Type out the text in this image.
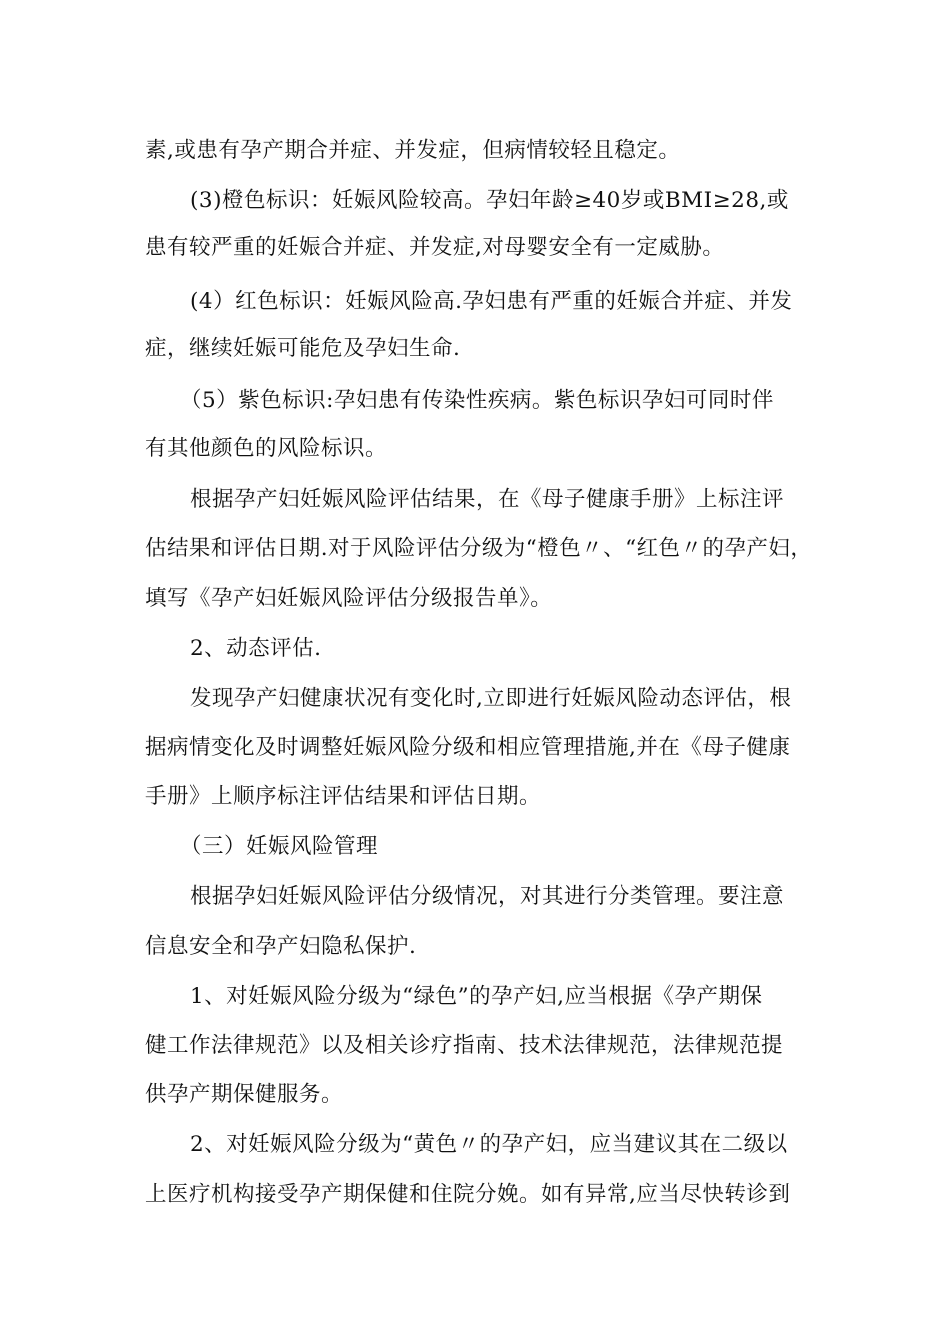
素,或患有孕产期合并症、并发症，但病情较轻且稳定。
(3)橙色标识：妊娠风险较高。孕妇年龄≥40岁或BMI≥28,或
患有较严重的妊娠合并症、并发症,对母婴安全有一定威胁。
(4）红色标识：妊娠风险高.孕妇患有严重的妊娠合并症、并发
症，继续妊娠可能危及孕妇生命.
（5）紫色标识:孕妇患有传染性疾病。紫色标识孕妇可同时伴
有其他颜色的风险标识。
根据孕产妇妊娠风险评估结果，在《母子健康手册》上标注评
估结果和评估日期.对于风险评估分级为“橙色〃、“红色〃的孕产妇，
填写《孕产妇妊娠风险评估分级报告单》。
2、动态评估.
发现孕产妇健康状况有变化时,立即进行妊娠风险动态评估，根
据病情变化及时调整妊娠风险分级和相应管理措施,并在《母子健康
手册》上顺序标注评估结果和评估日期。
（三）妊娠风险管理
根据孕妇妊娠风险评估分级情况，对其进行分类管理。要注意
信息安全和孕产妇隐私保护.
1、对妊娠风险分级为“绿色”的孕产妇,应当根据《孕产期保
健工作法律规范》以及相关诊疗指南、技术法律规范，法律规范提
供孕产期保健服务。
2、对妊娠风险分级为“黄色〃的孕产妇，应当建议其在二级以
上医疗机构接受孕产期保健和住院分娩。如有异常,应当尽快转诊到
